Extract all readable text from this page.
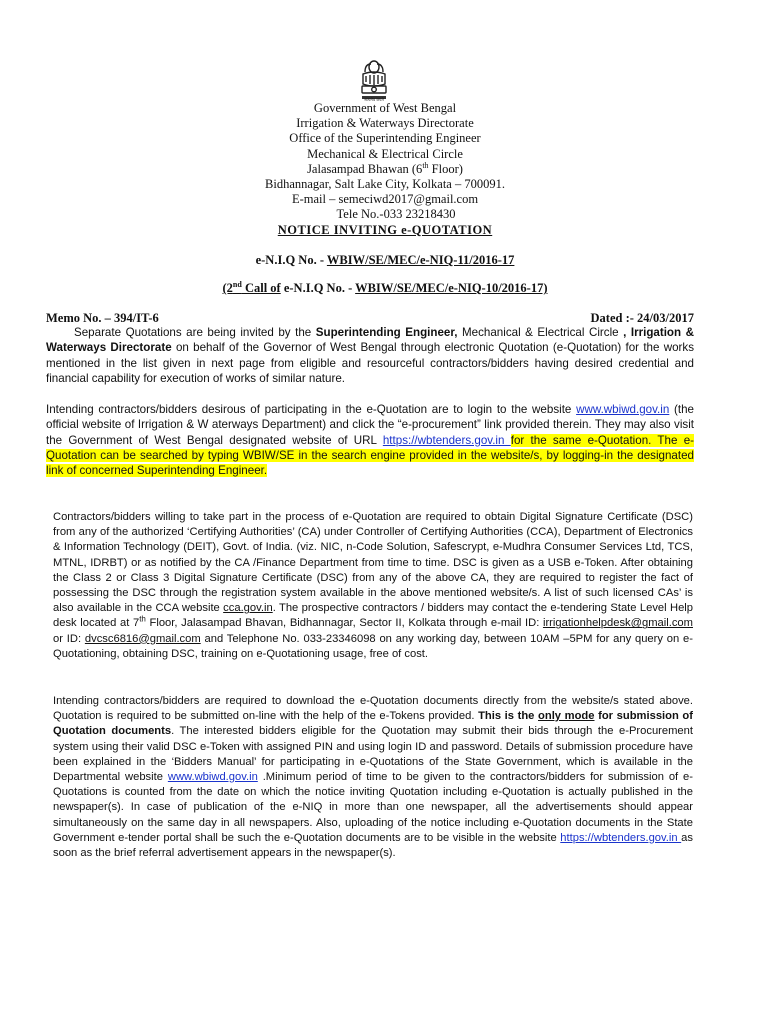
सत्यमेव जयते
Government of West Bengal
Irrigation & Waterways Directorate
Office of the Superintending Engineer
Mechanical & Electrical Circle
Jalasampad Bhawan (6th Floor)
Bidhannagar, Salt Lake City, Kolkata – 700091.
E-mail – semeciwd2017@gmail.com
Tele No.-033 23218430
NOTICE INVITING e-QUOTATION
e-N.I.Q No. - WBIW/SE/MEC/e-NIQ-11/2016-17
(2nd Call of e-N.I.Q No. - WBIW/SE/MEC/e-NIQ-10/2016-17)
Memo No. – 394/IT-6	Dated :- 24/03/2017
Separate Quotations are being invited by the Superintending Engineer, Mechanical & Electrical Circle , Irrigation & Waterways Directorate on behalf of the Governor of West Bengal through electronic Quotation (e-Quotation) for the works mentioned in the list given in next page from eligible and resourceful contractors/bidders having desired credential and financial capability for execution of works of similar nature.
Intending contractors/bidders desirous of participating in the e-Quotation are to login to the website www.wbiwd.gov.in (the official website of Irrigation & W aterways Department) and click the “e-procurement” link provided therein. They may also visit the Government of West Bengal designated website of URL https://wbtenders.gov.in for the same e-Quotation. The e-Quotation can be searched by typing WBIW/SE in the search engine provided in the website/s, by logging-in the designated link of concerned Superintending Engineer.
Contractors/bidders willing to take part in the process of e-Quotation are required to obtain Digital Signature Certificate (DSC) from any of the authorized ‘Certifying Authorities’ (CA) under Controller of Certifying Authorities (CCA), Department of Electronics & Information Technology (DEIT), Govt. of India. (viz. NIC, n-Code Solution, Safescrypt, e-Mudhra Consumer Services Ltd, TCS, MTNL, IDRBT) or as notified by the CA /Finance Department from time to time. DSC is given as a USB e-Token. After obtaining the Class 2 or Class 3 Digital Signature Certificate (DSC) from any of the above CA, they are required to register the fact of possessing the DSC through the registration system available in the above mentioned website/s. A list of such licensed CAs’ is also available in the CCA website cca.gov.in. The prospective contractors / bidders may contact the e-tendering State Level Help desk located at 7th Floor, Jalasampad Bhavan, Bidhannagar, Sector II, Kolkata through e-mail ID: irrigationhelpdesk@gmail.com or ID: dvcsc6816@gmail.com and Telephone No. 033-23346098 on any working day, between 10AM –5PM for any query on e-Quotationing, obtaining DSC, training on e-Quotationing usage, free of cost.
Intending contractors/bidders are required to download the e-Quotation documents directly from the website/s stated above. Quotation is required to be submitted on-line with the help of the e-Tokens provided. This is the only mode for submission of Quotation documents. The interested bidders eligible for the Quotation may submit their bids through the e-Procurement system using their valid DSC e-Token with assigned PIN and using login ID and password. Details of submission procedure have been explained in the ‘Bidders Manual’ for participating in e-Quotations of the State Government, which is available in the Departmental website www.wbiwd.gov.in .Minimum period of time to be given to the contractors/bidders for submission of e-Quotations is counted from the date on which the notice inviting Quotation including e-Quotation is actually published in the newspaper(s). In case of publication of the e-NIQ in more than one newspaper, all the advertisements should appear simultaneously on the same day in all newspapers. Also, uploading of the notice including e-Quotation documents in the State Government e-tender portal shall be such the e-Quotation documents are to be visible in the website https://wbtenders.gov.in as soon as the brief referral advertisement appears in the newspaper(s).
